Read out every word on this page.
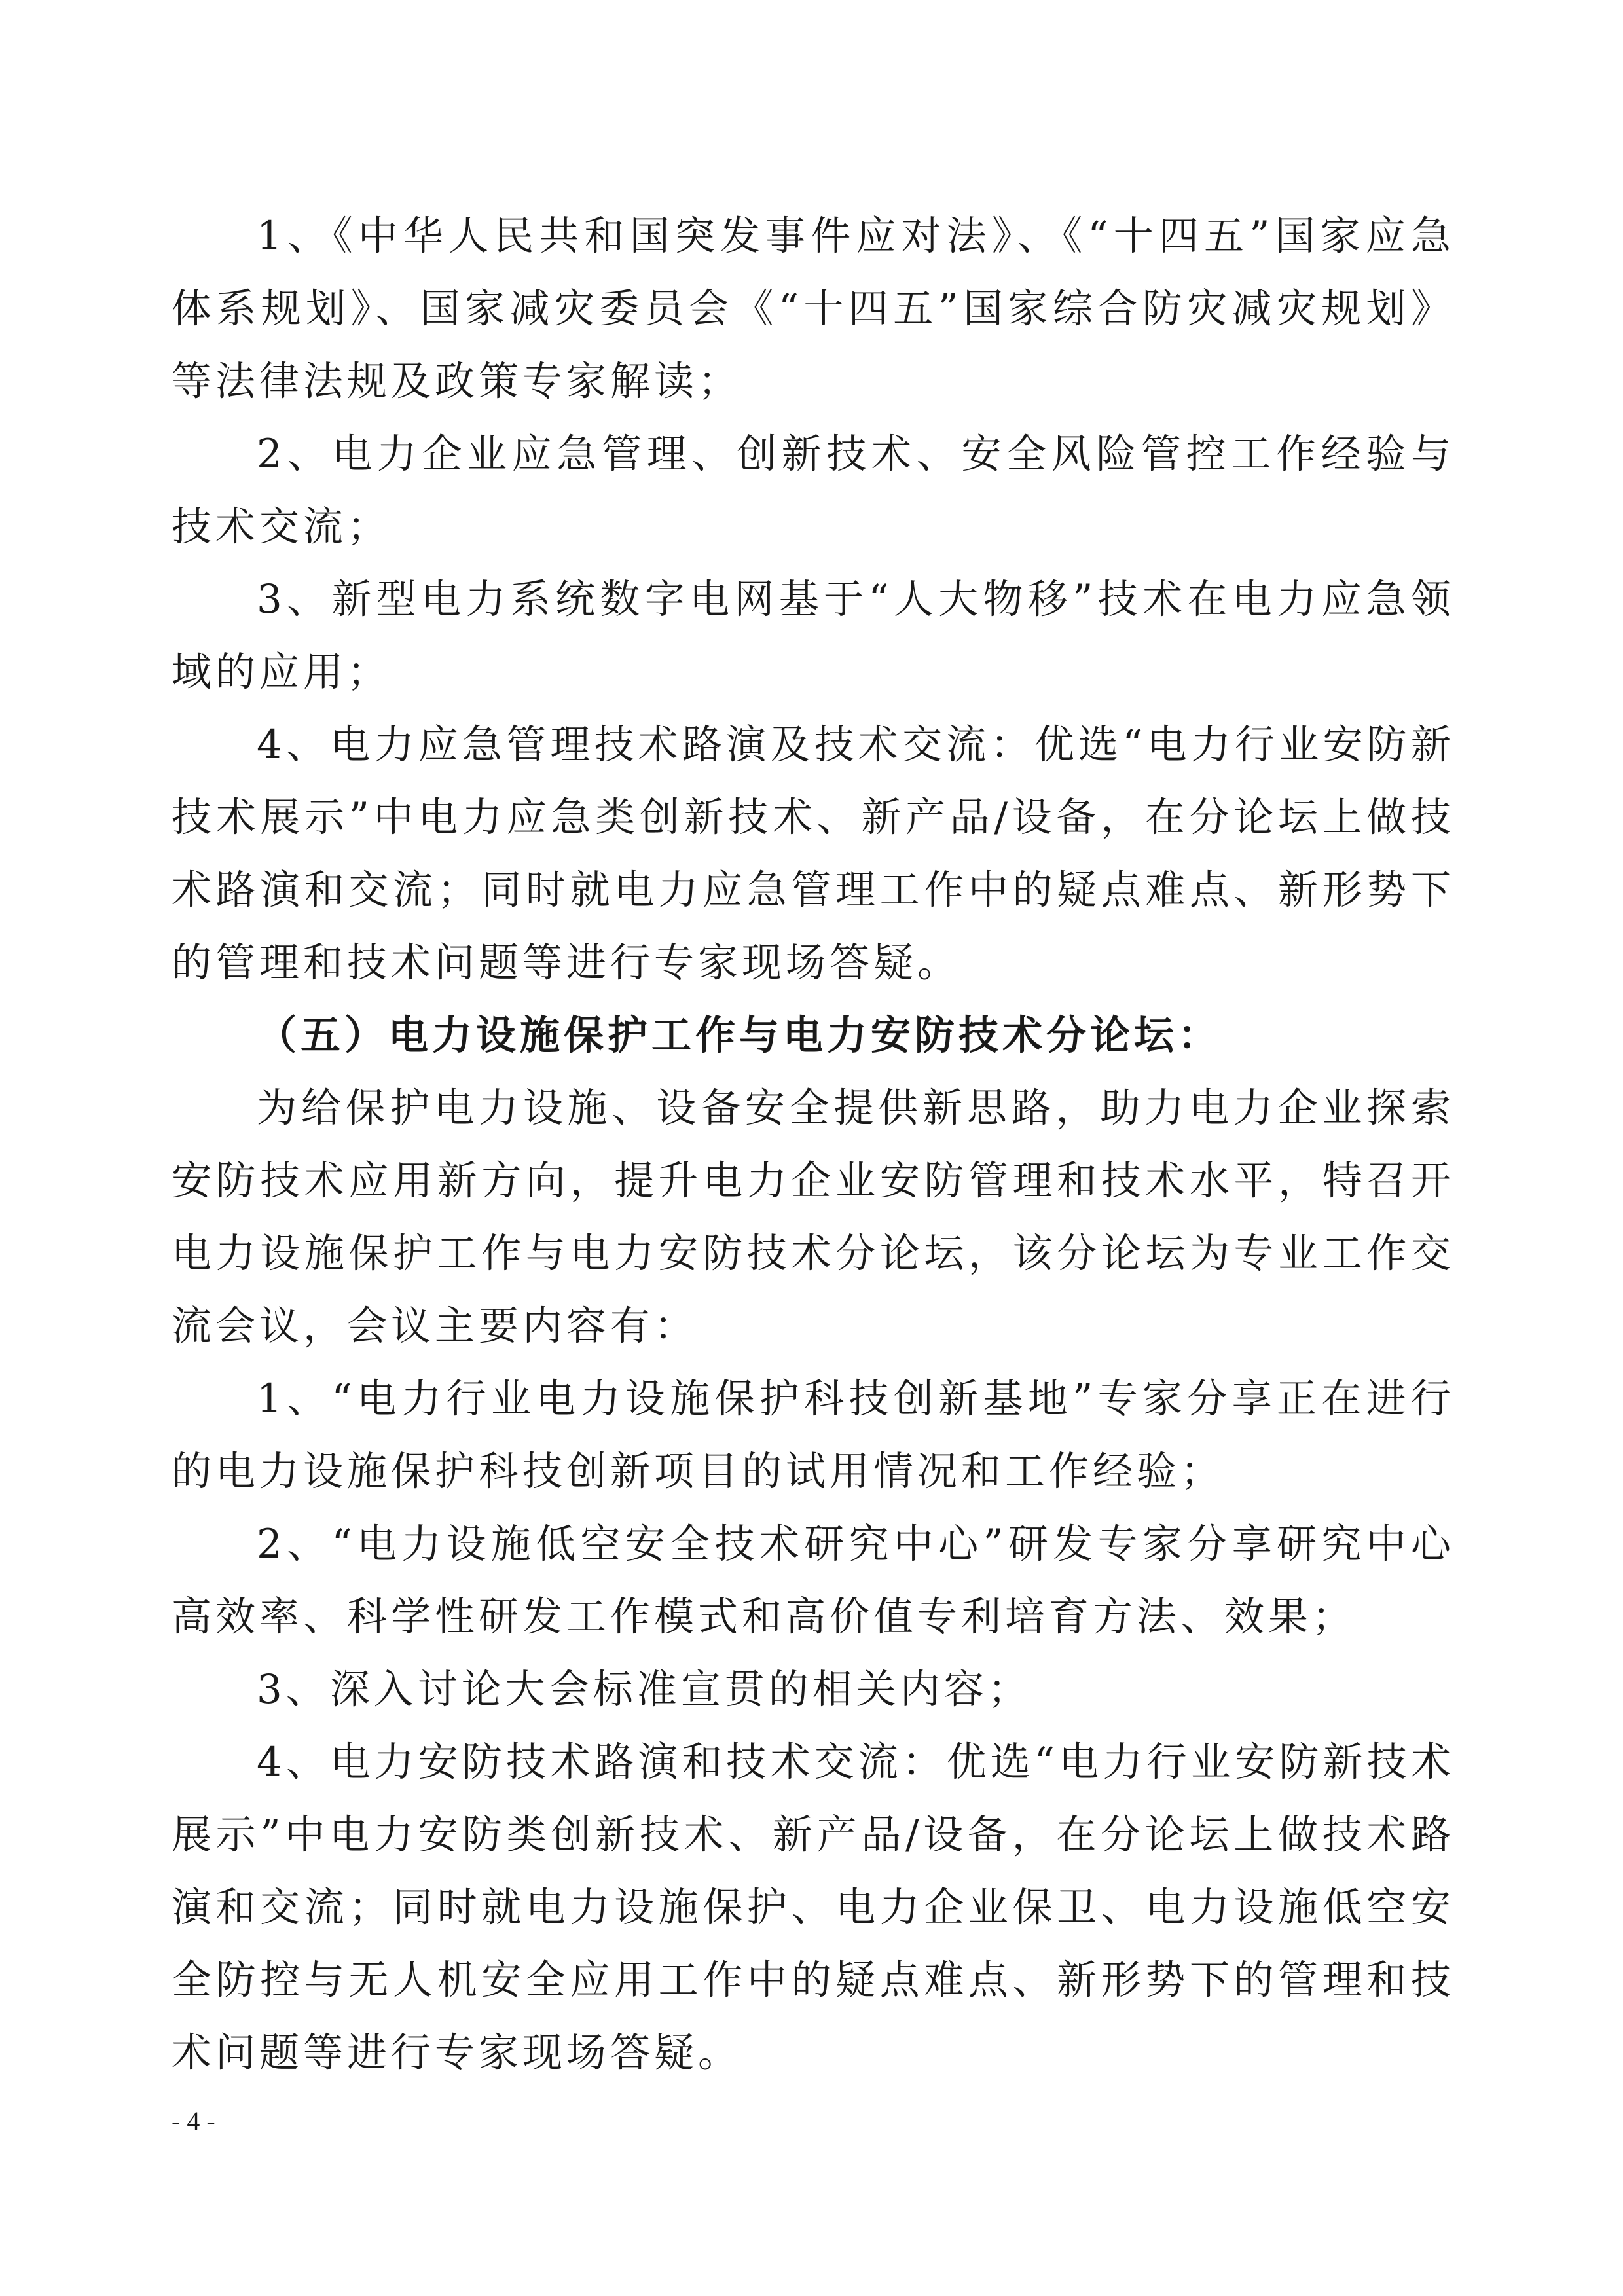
1、《中华人民共和国突发事件应对法》、《“十四五”国家应急体系规划》、国家减灾委员会《“十四五”国家综合防灾减灾规划》等法律法规及政策专家解读；

2、电力企业应急管理、创新技术、安全风险管控工作经验与技术交流；

3、新型电力系统数字电网基于“人大物移”技术在电力应急领域的应用；

4、电力应急管理技术路演及技术交流：优选“电力行业安防新技术展示”中电力应急类创新技术、新产品/设备，在分论坛上做技术路演和交流；同时就电力应急管理工作中的疑点难点、新形势下的管理和技术问题等进行专家现场答疑。

（五）电力设施保护工作与电力安防技术分论坛：

为给保护电力设施、设备安全提供新思路，助力电力企业探索安防技术应用新方向，提升电力企业安防管理和技术水平，特召开电力设施保护工作与电力安防技术分论坛，该分论坛为专业工作交流会议，会议主要内容有：

1、“电力行业电力设施保护科技创新基地”专家分享正在进行的电力设施保护科技创新项目的试用情况和工作经验；

2、“电力设施低空安全技术研究中心”研发专家分享研究中心高效率、科学性研发工作模式和高价值专利培育方法、效果；

3、深入讨论大会标准宣贯的相关内容；

4、电力安防技术路演和技术交流：优选“电力行业安防新技术展示”中电力安防类创新技术、新产品/设备，在分论坛上做技术路演和交流；同时就电力设施保护、电力企业保卫、电力设施低空安全防控与无人机安全应用工作中的疑点难点、新形势下的管理和技术问题等进行专家现场答疑。

- 4 -
